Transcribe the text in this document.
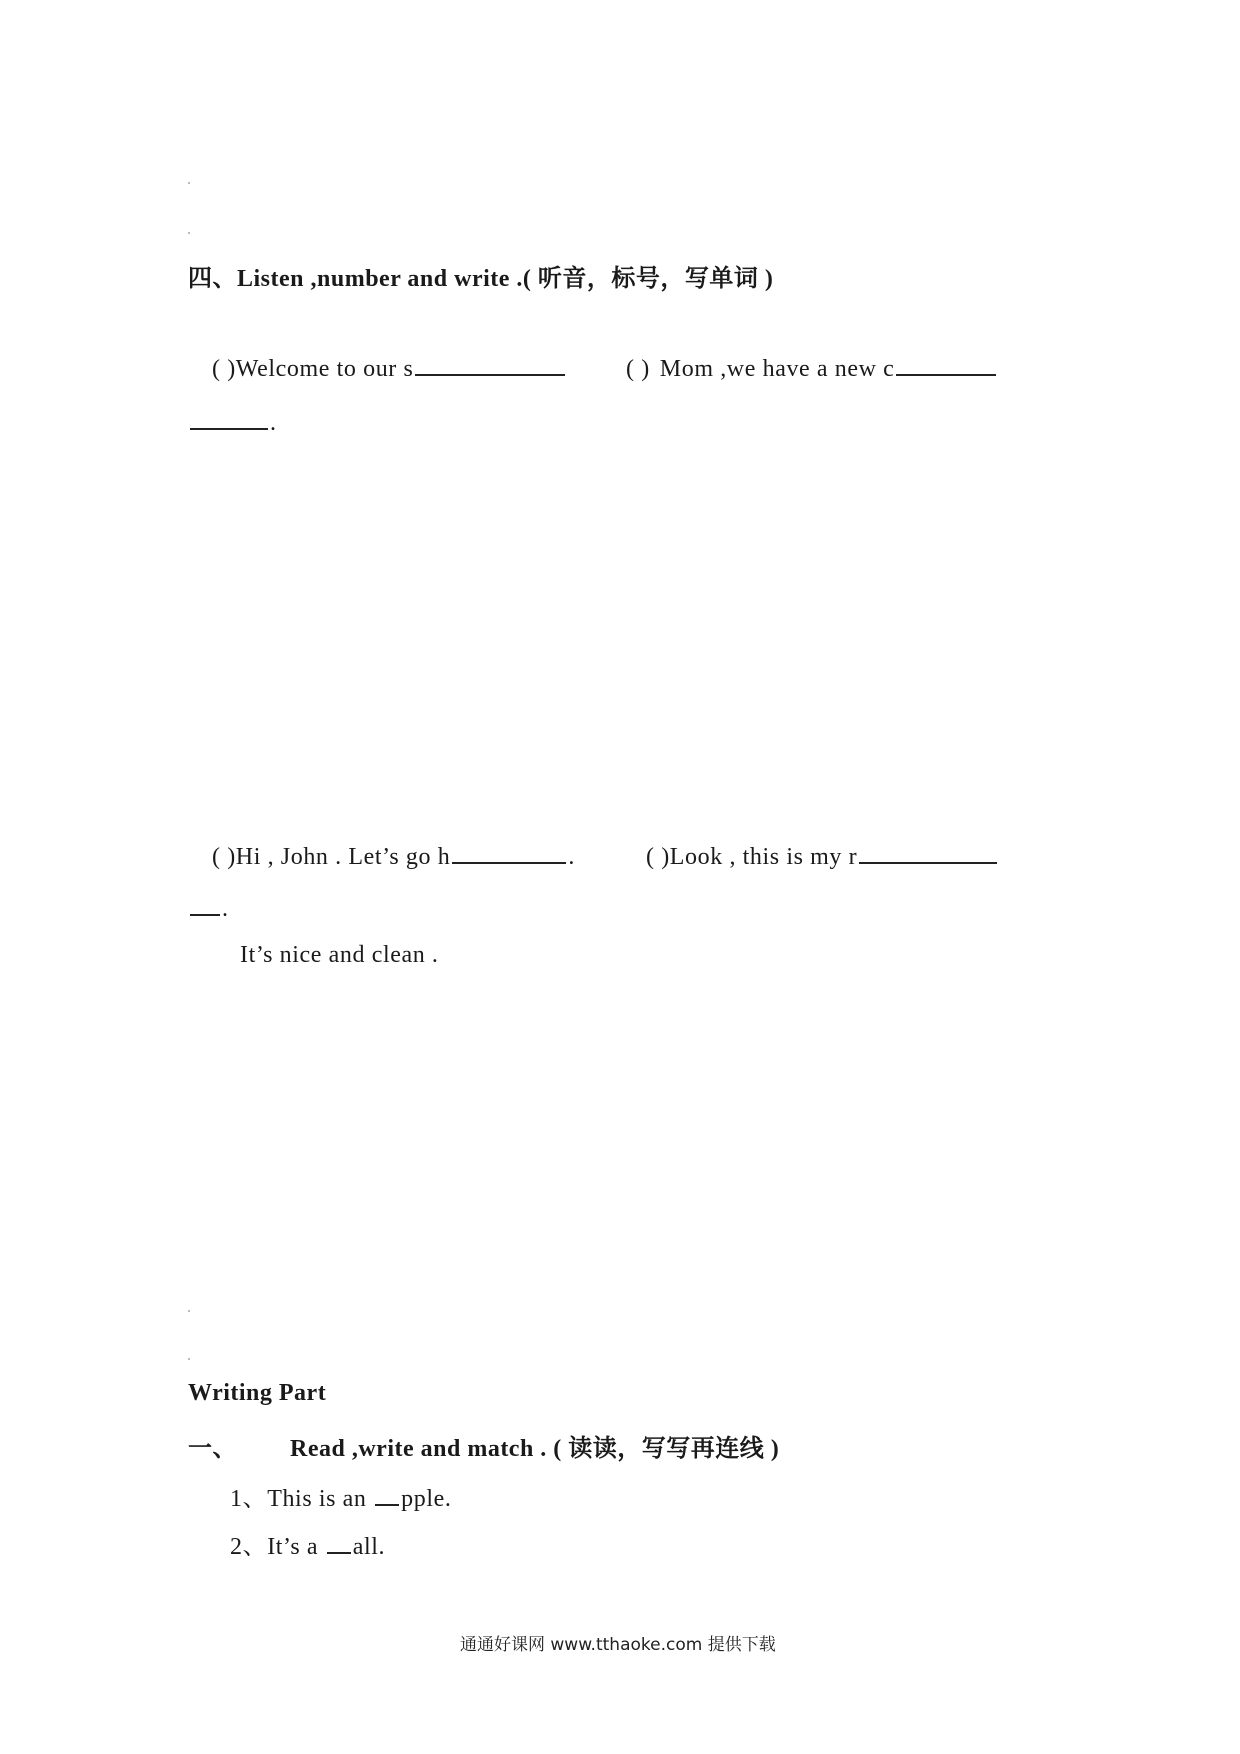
四、Listen ,number and write .( 听音，标号，写单词 )
( )Welcome to our s	( ) Mom ,we have a new c
.
( )Hi , John . Let’s go h	.	( )Look , this is my r
.
It’s nice and clean .
Writing Part
一、 Read ,write and match . ( 读读，写写再连线 )
1、This is an pple.
2、It’s a all.
通通好课网 www.tthaoke.com 提供下载
